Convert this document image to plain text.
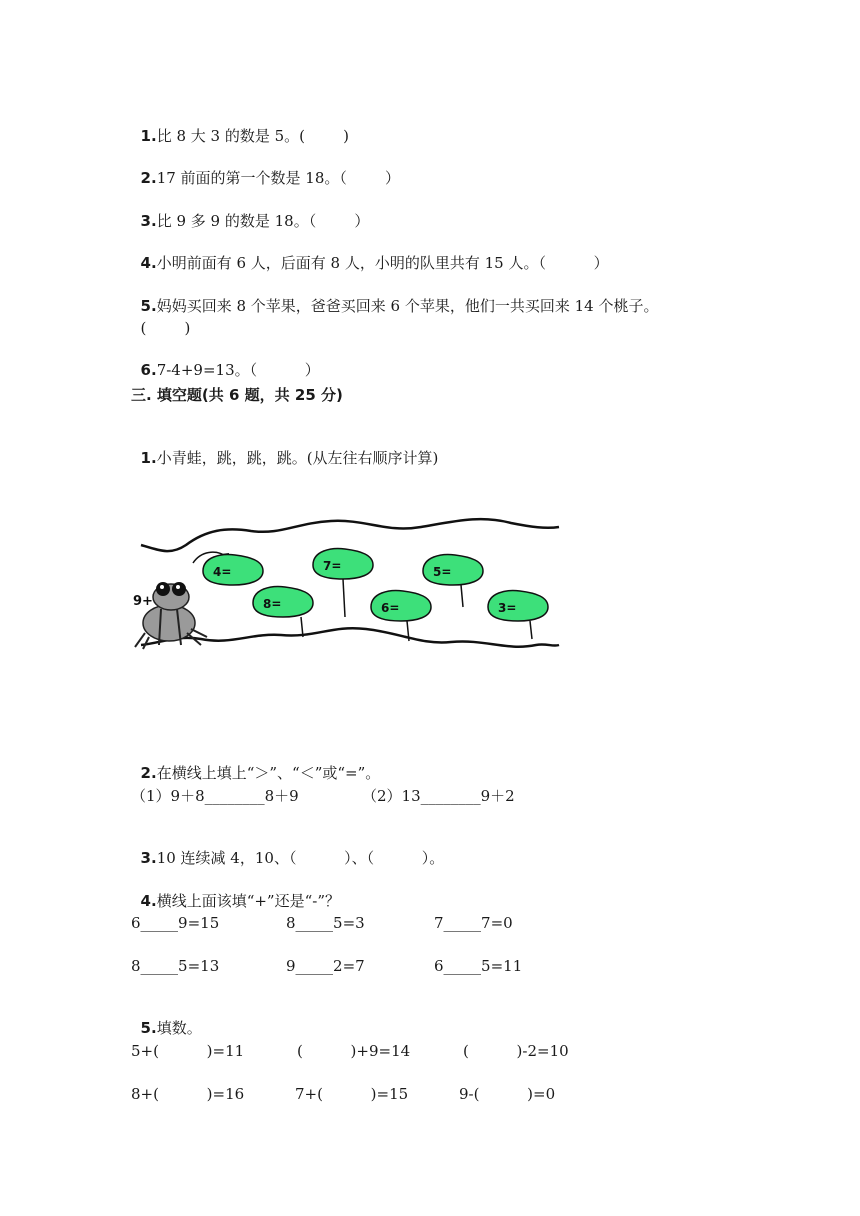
1.比 8 大 3 的数是 5。(        )

2.17 前面的第一个数是 18。（        ）

3.比 9 多 9 的数是 18。（        ）

4.小明前面有 6 人，后面有 8 人，小明的队里共有 15 人。（          ）

5.妈妈买回来 8 个苹果，爸爸买回来 6 个苹果，他们一共买回来 14 个桃子。

(        )

6.7-4+9=13。（          ）

三. 填空题(共 6 题，共 25 分)

1.小青蛙，跳，跳，跳。(从左往右顺序计算)

9+
4=	7=	5=
8=	6=	3=

2.在横线上填上“＞”、“＜”或“=”。

（1）9＋8________8＋9	（2）13________9＋2

3.10 连续减 4，10、（          ）、（          ）。

4.横线上面该填“+”还是“-”？

6_____9=15	8_____5=3	7_____7=0
8_____5=13	9_____2=7	6_____5=11

5.填数。

5+(          )=11	(          )+9=14	(          )-2=10
8+(          )=16	7+(          )=15	9-(          )=0
